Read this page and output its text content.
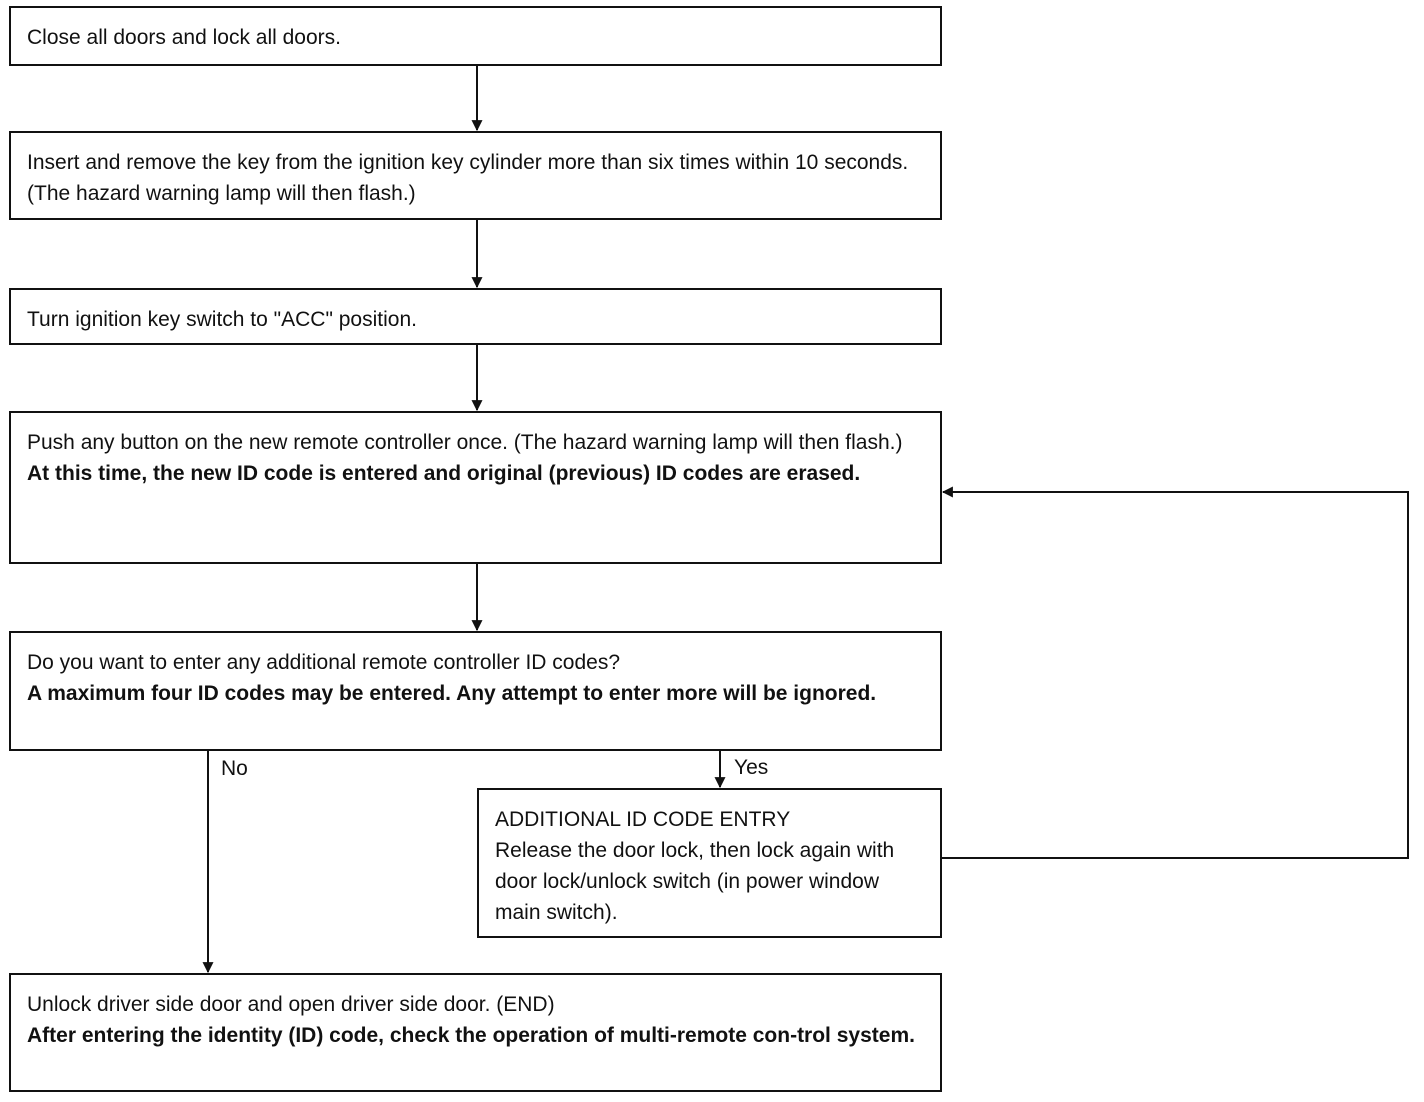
Close all doors and lock all doors.

Insert and remove the key from the ignition key cylinder more than six times within 10 seconds. (The hazard warning lamp will then flash.)

Turn ignition key switch to "ACC" position.

Push any button on the new remote controller once. (The hazard warning lamp will then flash.)

At this time, the new ID code is entered and original (previous) ID codes are erased.

Do you want to enter any additional remote controller ID codes?

A maximum four ID codes may be entered. Any attempt to enter more will be ignored.

ADDITIONAL ID CODE ENTRY

Release the door lock, then lock again with door lock/unlock switch (in power window main switch).

Unlock driver side door and open driver side door. (END)

After entering the identity (ID) code, check the operation of multi-remote con-trol system.

No	Yes
